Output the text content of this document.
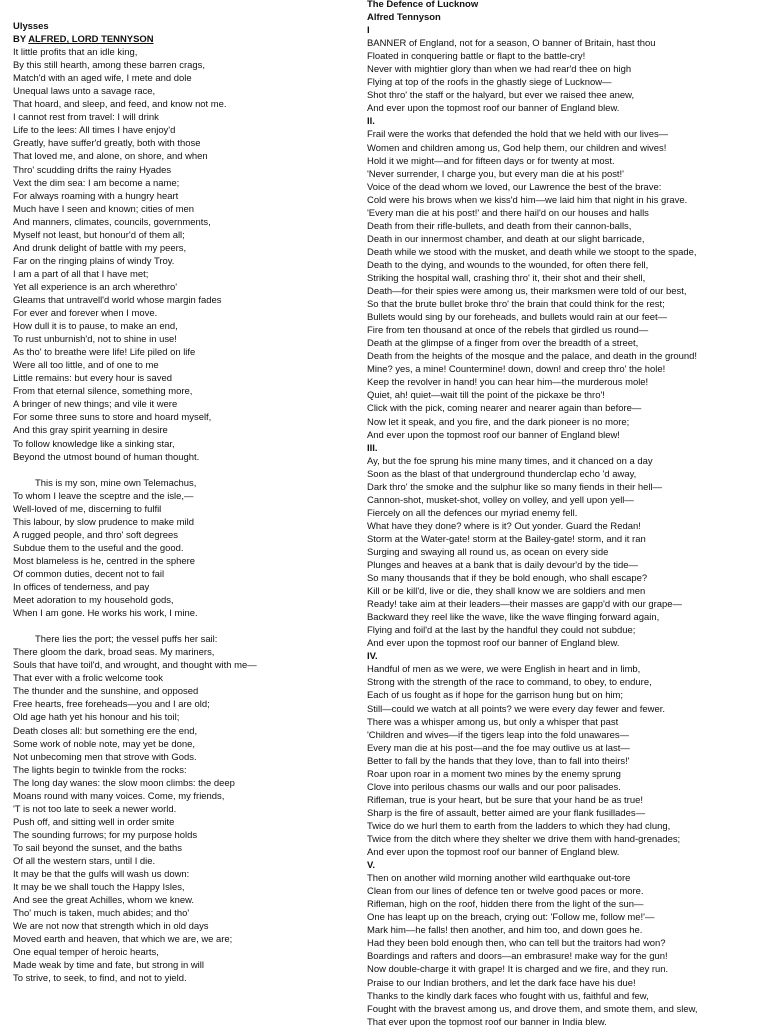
Ulysses
BY ALFRED, LORD TENNYSON
It little profits that an idle king,
By this still hearth, among these barren crags,
Match'd with an aged wife, I mete and dole
Unequal laws unto a savage race,
That hoard, and sleep, and feed, and know not me.
I cannot rest from travel: I will drink
Life to the lees: All times I have enjoy'd
Greatly, have suffer'd greatly, both with those
That loved me, and alone, on shore, and when
Thro' scudding drifts the rainy Hyades
Vext the dim sea: I am become a name;
For always roaming with a hungry heart
Much have I seen and known; cities of men
And manners, climates, councils, governments,
Myself not least, but honour'd of them all;
And drunk delight of battle with my peers,
Far on the ringing plains of windy Troy.
I am a part of all that I have met;
Yet all experience is an arch wherethro'
Gleams that untravell'd world whose margin fades
For ever and forever when I move.
How dull it is to pause, to make an end,
To rust unburnish'd, not to shine in use!
As tho' to breathe were life! Life piled on life
Were all too little, and of one to me
Little remains: but every hour is saved
From that eternal silence, something more,
A bringer of new things; and vile it were
For some three suns to store and hoard myself,
And this gray spirit yearning in desire
To follow knowledge like a sinking star,
Beyond the utmost bound of human thought.
This is my son, mine own Telemachus,
To whom I leave the sceptre and the isle,—
Well-loved of me, discerning to fulfil
This labour, by slow prudence to make mild
A rugged people, and thro' soft degrees
Subdue them to the useful and the good.
Most blameless is he, centred in the sphere
Of common duties, decent not to fail
In offices of tenderness, and pay
Meet adoration to my household gods,
When I am gone. He works his work, I mine.
There lies the port; the vessel puffs her sail:
There gloom the dark, broad seas. My mariners,
Souls that have toil'd, and wrought, and thought with me—
That ever with a frolic welcome took
The thunder and the sunshine, and opposed
Free hearts, free foreheads—you and I are old;
Old age hath yet his honour and his toil;
Death closes all: but something ere the end,
Some work of noble note, may yet be done,
Not unbecoming men that strove with Gods.
The lights begin to twinkle from the rocks:
The long day wanes: the slow moon climbs: the deep
Moans round with many voices. Come, my friends,
'T is not too late to seek a newer world.
Push off, and sitting well in order smite
The sounding furrows; for my purpose holds
To sail beyond the sunset, and the baths
Of all the western stars, until I die.
It may be that the gulfs will wash us down:
It may be we shall touch the Happy Isles,
And see the great Achilles, whom we knew.
Tho' much is taken, much abides; and tho'
We are not now that strength which in old days
Moved earth and heaven, that which we are, we are;
One equal temper of heroic hearts,
Made weak by time and fate, but strong in will
To strive, to seek, to find, and not to yield.
The Defence of Lucknow
Alfred Tennyson
I
BANNER of England, not for a season, O banner of Britain, hast thou
Floated in conquering battle or flapt to the battle-cry!
Never with mightier glory than when we had rear'd thee on high
Flying at top of the roofs in the ghastly siege of Lucknow—
Shot thro' the staff or the halyard, but ever we raised thee anew,
And ever upon the topmost roof our banner of England blew.
II.
Frail were the works that defended the hold that we held with our lives—
Women and children among us, God help them, our children and wives!
Hold it we might—and for fifteen days or for twenty at most.
'Never surrender, I charge you, but every man die at his post!'
Voice of the dead whom we loved, our Lawrence the best of the brave:
Cold were his brows when we kiss'd him—we laid him that night in his grave.
'Every man die at his post!' and there hail'd on our houses and halls
Death from their rifle-bullets, and death from their cannon-balls,
Death in our innermost chamber, and death at our slight barricade,
Death while we stood with the musket, and death while we stoopt to the spade,
Death to the dying, and wounds to the wounded, for often there fell,
Striking the hospital wall, crashing thro' it, their shot and their shell,
Death—for their spies were among us, their marksmen were told of our best,
So that the brute bullet broke thro' the brain that could think for the rest;
Bullets would sing by our foreheads, and bullets would rain at our feet—
Fire from ten thousand at once of the rebels that girdled us round—
Death at the glimpse of a finger from over the breadth of a street,
Death from the heights of the mosque and the palace, and death in the ground!
Mine? yes, a mine! Countermine! down, down! and creep thro' the hole!
Keep the revolver in hand! you can hear him—the murderous mole!
Quiet, ah! quiet—wait till the point of the pickaxe be thro'!
Click with the pick, coming nearer and nearer again than before—
Now let it speak, and you fire, and the dark pioneer is no more;
And ever upon the topmost roof our banner of England blew!
III.
Ay, but the foe sprung his mine many times, and it chanced on a day
Soon as the blast of that underground thunderclap echo 'd away,
Dark thro' the smoke and the sulphur like so many fiends in their hell—
Cannon-shot, musket-shot, volley on volley, and yell upon yell—
Fiercely on all the defences our myriad enemy fell.
What have they done? where is it? Out yonder. Guard the Redan!
Storm at the Water-gate! storm at the Bailey-gate! storm, and it ran
Surging and swaying all round us, as ocean on every side
Plunges and heaves at a bank that is daily devour'd by the tide—
So many thousands that if they be bold enough, who shall escape?
Kill or be kill'd, live or die, they shall know we are soldiers and men
Ready! take aim at their leaders—their masses are gapp'd with our grape—
Backward they reel like the wave, like the wave flinging forward again,
Flying and foil'd at the last by the handful they could not subdue;
And ever upon the topmost roof our banner of England blew.
IV.
Handful of men as we were, we were English in heart and in limb,
Strong with the strength of the race to command, to obey, to endure,
Each of us fought as if hope for the garrison hung but on him;
Still—could we watch at all points? we were every day fewer and fewer.
There was a whisper among us, but only a whisper that past
'Children and wives—if the tigers leap into the fold unawares—
Every man die at his post—and the foe may outlive us at last—
Better to fall by the hands that they love, than to fall into theirs!'
Roar upon roar in a moment two mines by the enemy sprung
Clove into perilous chasms our walls and our poor palisades.
Rifleman, true is your heart, but be sure that your hand be as true!
Sharp is the fire of assault, better aimed are your flank fusillades—
Twice do we hurl them to earth from the ladders to which they had clung,
Twice from the ditch where they shelter we drive them with hand-grenades;
And ever upon the topmost roof our banner of England blew.
V.
Then on another wild morning another wild earthquake out-tore
Clean from our lines of defence ten or twelve good paces or more.
Rifleman, high on the roof, hidden there from the light of the sun—
One has leapt up on the breach, crying out: 'Follow me, follow me!'—
Mark him—he falls! then another, and him too, and down goes he.
Had they been bold enough then, who can tell but the traitors had won?
Boardings and rafters and doors—an embrasure! make way for the gun!
Now double-charge it with grape! It is charged and we fire, and they run.
Praise to our Indian brothers, and let the dark face have his due!
Thanks to the kindly dark faces who fought with us, faithful and few,
Fought with the bravest among us, and drove them, and smote them, and slew,
That ever upon the topmost roof our banner in India blew.
